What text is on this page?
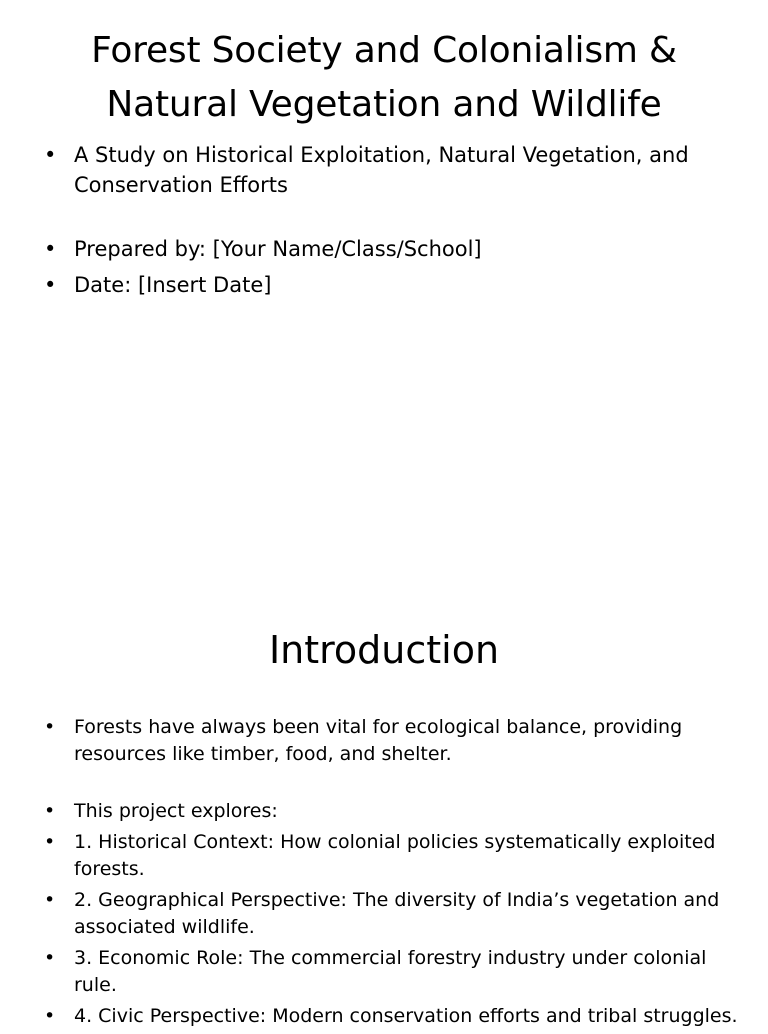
Forest Society and Colonialism &
Natural Vegetation and Wildlife
• A Study on Historical Exploitation, Natural Vegetation, and Conservation Efforts
• Prepared by: [Your Name/Class/School]
• Date: [Insert Date]
Introduction
• Forests have always been vital for ecological balance, providing resources like timber, food, and shelter.
• This project explores:
• 1. Historical Context: How colonial policies systematically exploited forests.
• 2. Geographical Perspective: The diversity of India’s vegetation and associated wildlife.
• 3. Economic Role: The commercial forestry industry under colonial rule.
• 4. Civic Perspective: Modern conservation efforts and tribal struggles.
